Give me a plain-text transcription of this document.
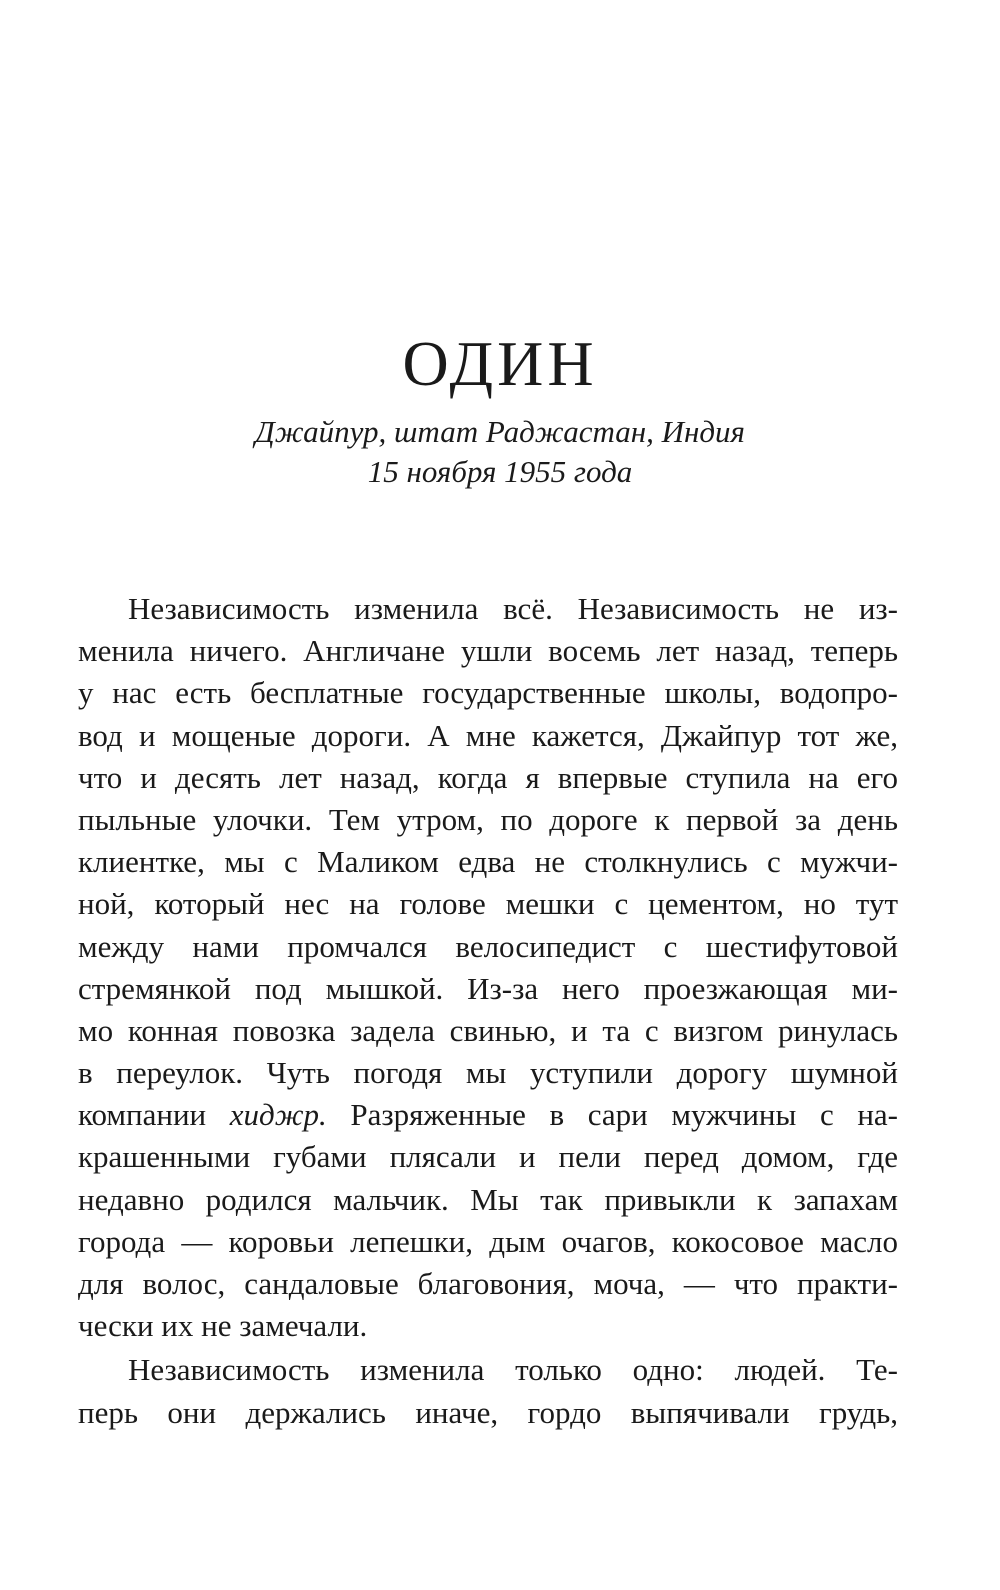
ОДИН

Джайпур, штат Раджастан, Индия

15 ноября 1955 года

Независимость изменила всё. Независимость не из-
менила ничего. Англичане ушли восемь лет назад, теперь
у нас есть бесплатные государственные школы, водопро-
вод и мощеные дороги. А мне кажется, Джайпур тот же,
что и десять лет назад, когда я впервые ступила на его
пыльные улочки. Тем утром, по дороге к первой за день
клиентке, мы с Маликом едва не столкнулись с мужчи-
ной, который нес на голове мешки с цементом, но тут
между нами промчался велосипедист с шестифутовой
стремянкой под мышкой. Из-за него проезжающая ми-
мо конная повозка задела свинью, и та с визгом ринулась
в переулок. Чуть погодя мы уступили дорогу шумной
компании хиджр. Разряженные в сари мужчины с на-
крашенными губами плясали и пели перед домом, где
недавно родился мальчик. Мы так привыкли к запахам
города — коровьи лепешки, дым очагов, кокосовое масло
для волос, сандаловые благовония, моча, — что практи-
чески их не замечали.
Независимость изменила только одно: людей. Те-
перь они держались иначе, гордо выпячивали грудь,
